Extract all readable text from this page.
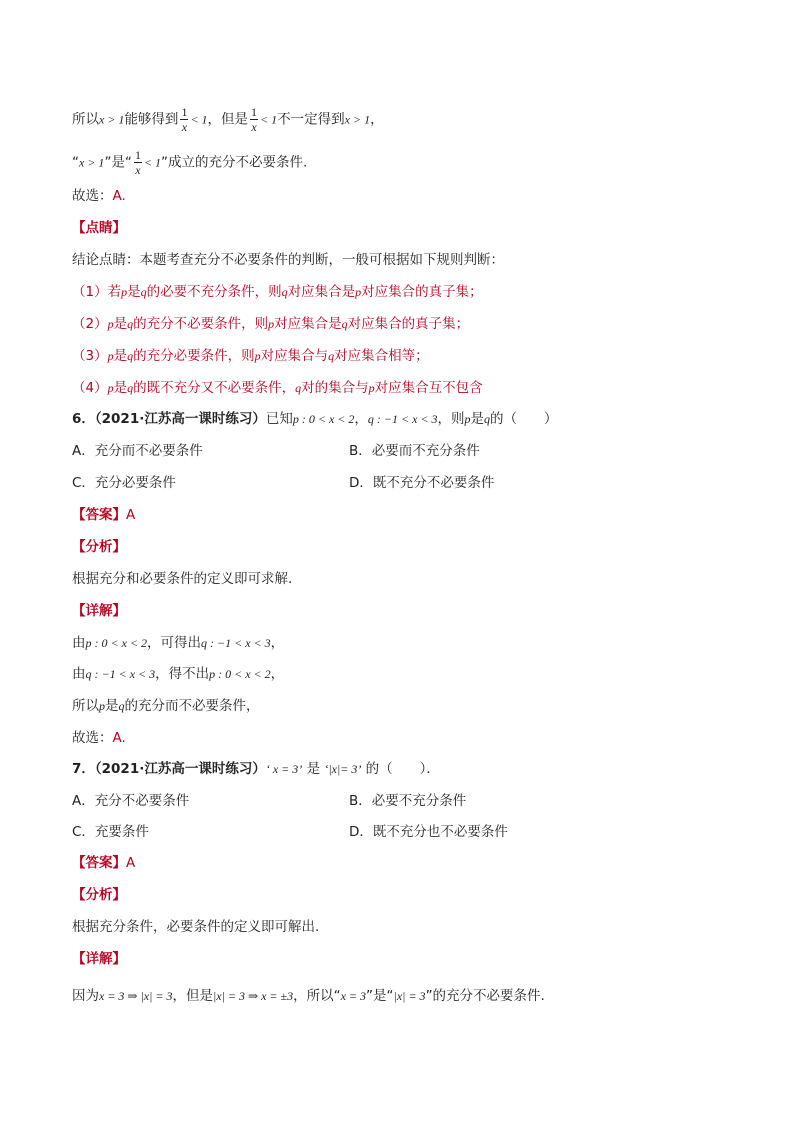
所以x > 1能够得到 $\frac{1}{x} < 1$，但是 $\frac{1}{x} < 1$不一定得到x > 1，
“x > 1”是“ $\frac{1}{x} < 1$”成立的充分不必要条件.
故选：A.
【点睛】
结论点睛：本题考查充分不必要条件的判断，一般可根据如下规则判断：
（1）若p是q的必要不充分条件，则q对应集合是p对应集合的真子集；
（2）p是q的充分不必要条件，则p对应集合是q对应集合的真子集；
（3）p是q的充分必要条件，则p对应集合与q对应集合相等；
（4）p是q的既不充分又不必要条件，q对的集合与p对应集合互不包含
6．（2021·江苏高一课时练习）已知p : 0 < x < 2，q : −1 < x < 3，则p是q的（　　）
A．充分而不必要条件	B．必要而不充分条件
C．充分必要条件	D．既不充分不必要条件
【答案】A
【分析】
根据充分和必要条件的定义即可求解.
【详解】
由p : 0 < x < 2，可得出q : −1 < x < 3，
由q : −1 < x < 3，得不出p : 0 < x < 2，
所以p是q的充分而不必要条件，
故选：A.
7．（2021·江苏高一课时练习）‘ x = 3’ 是 ‘|x|= 3’ 的（　　）．
A．充分不必要条件	B．必要不充分条件
C．充要条件	D．既不充分也不必要条件
【答案】A
【分析】
根据充分条件，必要条件的定义即可解出.
【详解】
因为x = 3 ⇒ |x| = 3，但是|x| = 3 ⇒ x = ±3，所以“x = 3”是“|x| = 3”的充分不必要条件.
